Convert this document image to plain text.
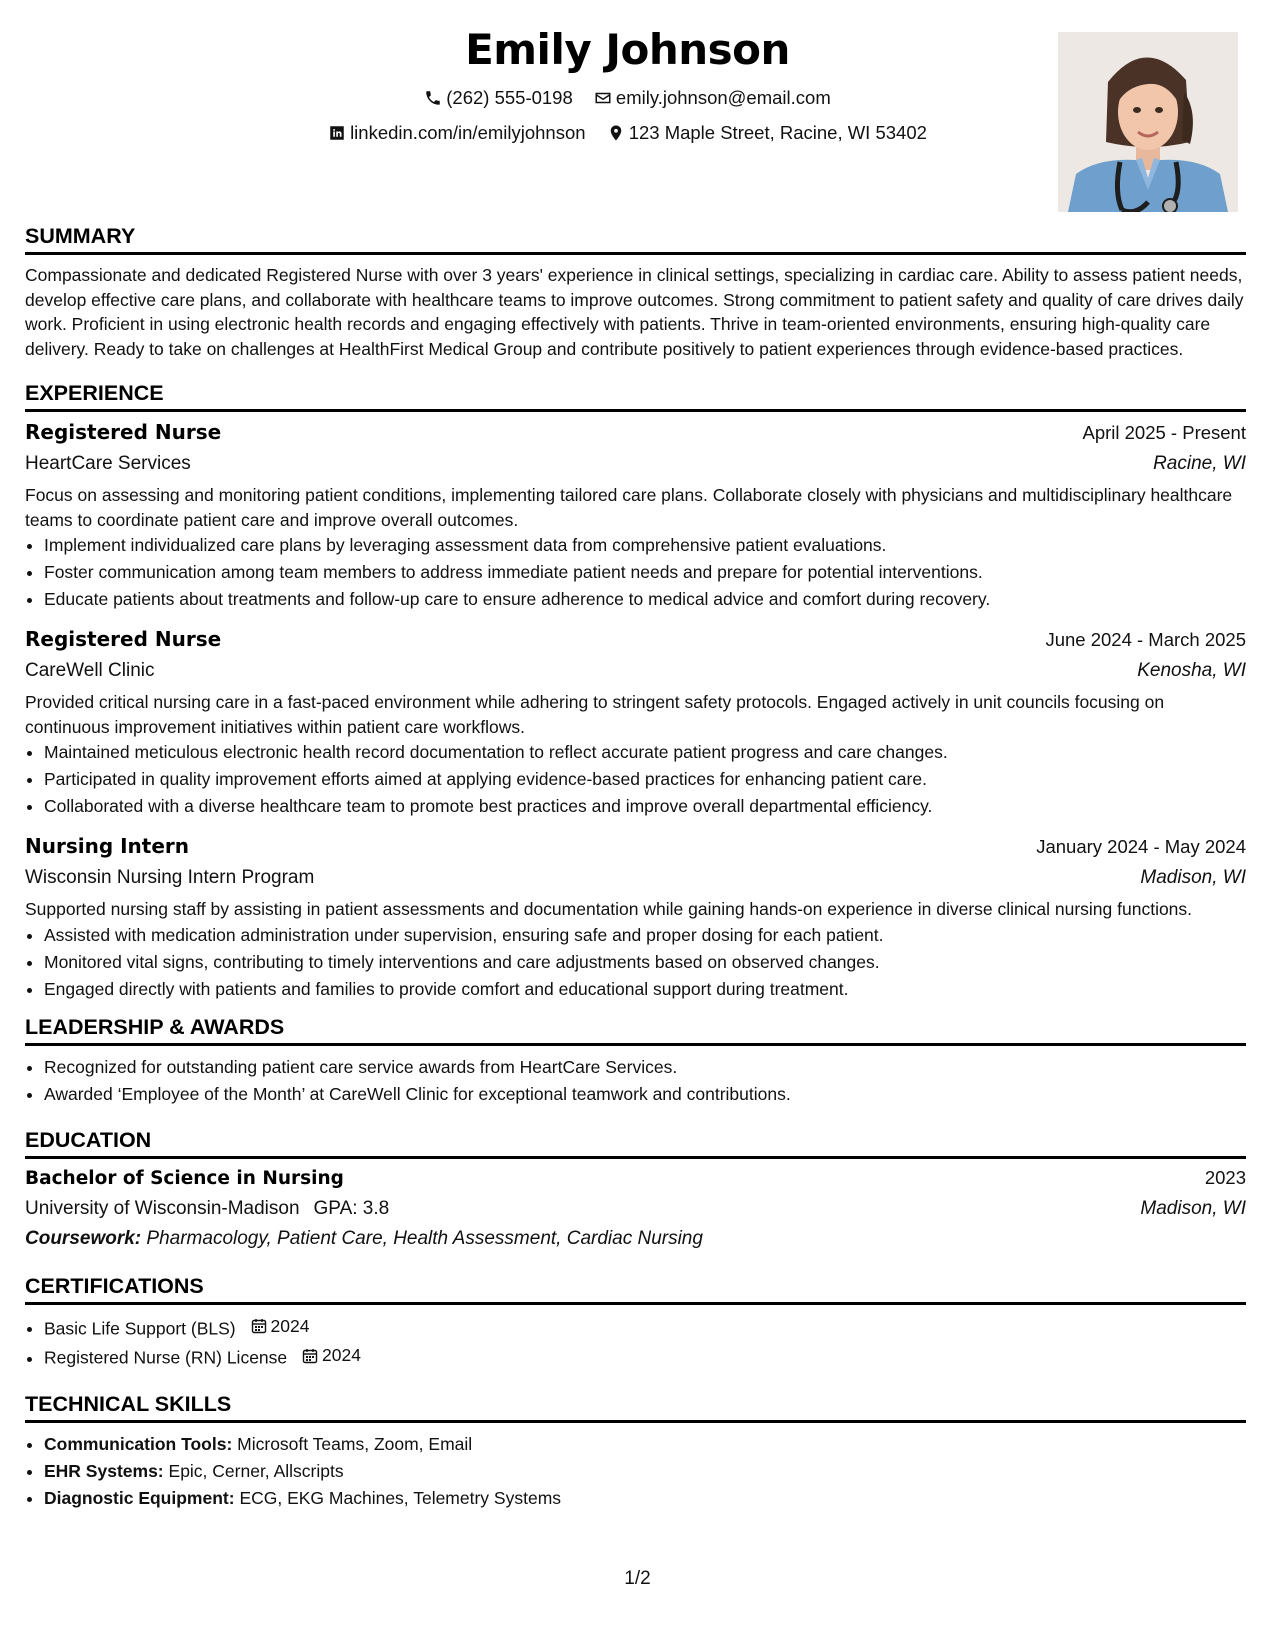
Emily Johnson
(262) 555-0198
emily.johnson@email.com
linkedin.com/in/emilyjohnson
123 Maple Street, Racine, WI 53402
SUMMARY

Compassionate and dedicated Registered Nurse with over 3 years' experience in clinical settings, specializing in cardiac care. Ability to assess patient needs, develop effective care plans, and collaborate with healthcare teams to improve outcomes. Strong commitment to patient safety and quality of care drives daily work. Proficient in using electronic health records and engaging effectively with patients. Thrive in team-oriented environments, ensuring high-quality care delivery. Ready to take on challenges at HealthFirst Medical Group and contribute positively to patient experiences through evidence-based practices.

EXPERIENCE
Registered Nurse	April 2025 - Present
HeartCare Services	Racine, WI

Focus on assessing and monitoring patient conditions, implementing tailored care plans. Collaborate closely with physicians and multidisciplinary healthcare teams to coordinate patient care and improve overall outcomes.

• Implement individualized care plans by leveraging assessment data from comprehensive patient evaluations.
• Foster communication among team members to address immediate patient needs and prepare for potential interventions.
• Educate patients about treatments and follow-up care to ensure adherence to medical advice and comfort during recovery.
Registered Nurse	June 2024 - March 2025
CareWell Clinic	Kenosha, WI

Provided critical nursing care in a fast-paced environment while adhering to stringent safety protocols. Engaged actively in unit councils focusing on continuous improvement initiatives within patient care workflows.

• Maintained meticulous electronic health record documentation to reflect accurate patient progress and care changes.
• Participated in quality improvement efforts aimed at applying evidence-based practices for enhancing patient care.
• Collaborated with a diverse healthcare team to promote best practices and improve overall departmental efficiency.
Nursing Intern	January 2024 - May 2024
Wisconsin Nursing Intern Program	Madison, WI

Supported nursing staff by assisting in patient assessments and documentation while gaining hands-on experience in diverse clinical nursing functions.

• Assisted with medication administration under supervision, ensuring safe and proper dosing for each patient.
• Monitored vital signs, contributing to timely interventions and care adjustments based on observed changes.
• Engaged directly with patients and families to provide comfort and educational support during treatment.
LEADERSHIP & AWARDS
• Recognized for outstanding patient care service awards from HeartCare Services.
• Awarded ‘Employee of the Month’ at CareWell Clinic for exceptional teamwork and contributions.
EDUCATION
Bachelor of Science in Nursing	2023
University of Wisconsin-Madison GPA: 3.8	Madison, WI
Coursework: Pharmacology, Patient Care, Health Assessment, Cardiac Nursing
CERTIFICATIONS
• Basic Life Support (BLS) 2024
• Registered Nurse (RN) License 2024
TECHNICAL SKILLS
• Communication Tools: Microsoft Teams, Zoom, Email
• EHR Systems: Epic, Cerner, Allscripts
• Diagnostic Equipment: ECG, EKG Machines, Telemetry Systems
1/2
